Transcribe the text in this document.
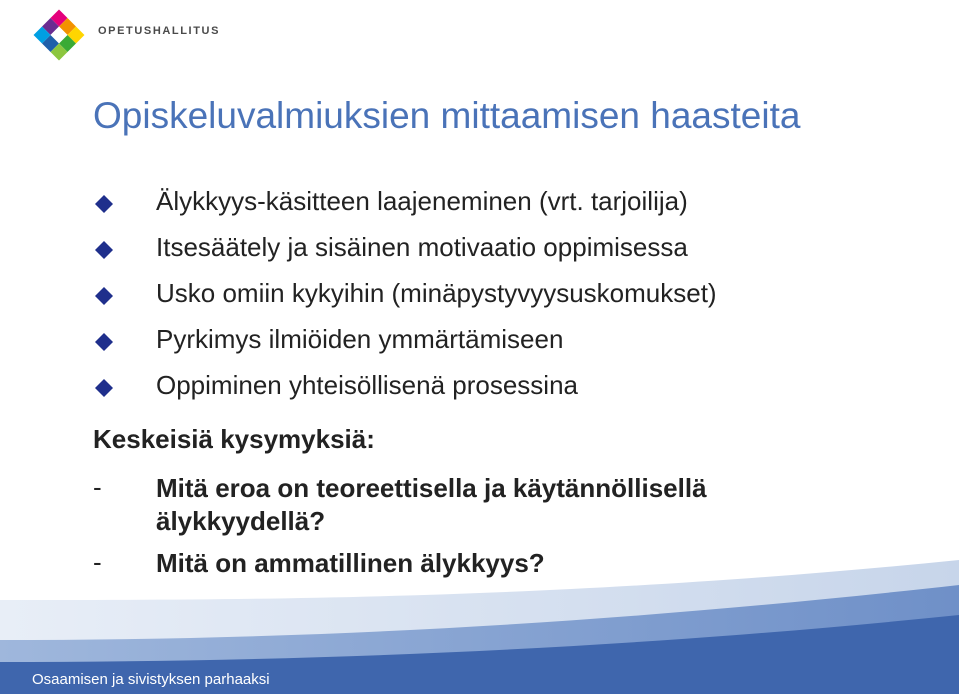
OPETUSHALLITUS
Opiskeluvalmiuksien mittaamisen haasteita
Älykkyys-käsitteen laajeneminen (vrt. tarjoilija)
Itsesäätely ja sisäinen motivaatio oppimisessa
Usko omiin kykyihin (minäpystyvyysuskomukset)
Pyrkimys ilmiöiden ymmärtämiseen
Oppiminen yhteisöllisenä prosessina
Keskeisiä kysymyksiä:
- Mitä eroa on teoreettisella ja käytännöllisellä älykkyydellä?
- Mitä on ammatillinen älykkyys?
Osaamisen ja sivistyksen parhaaksi
